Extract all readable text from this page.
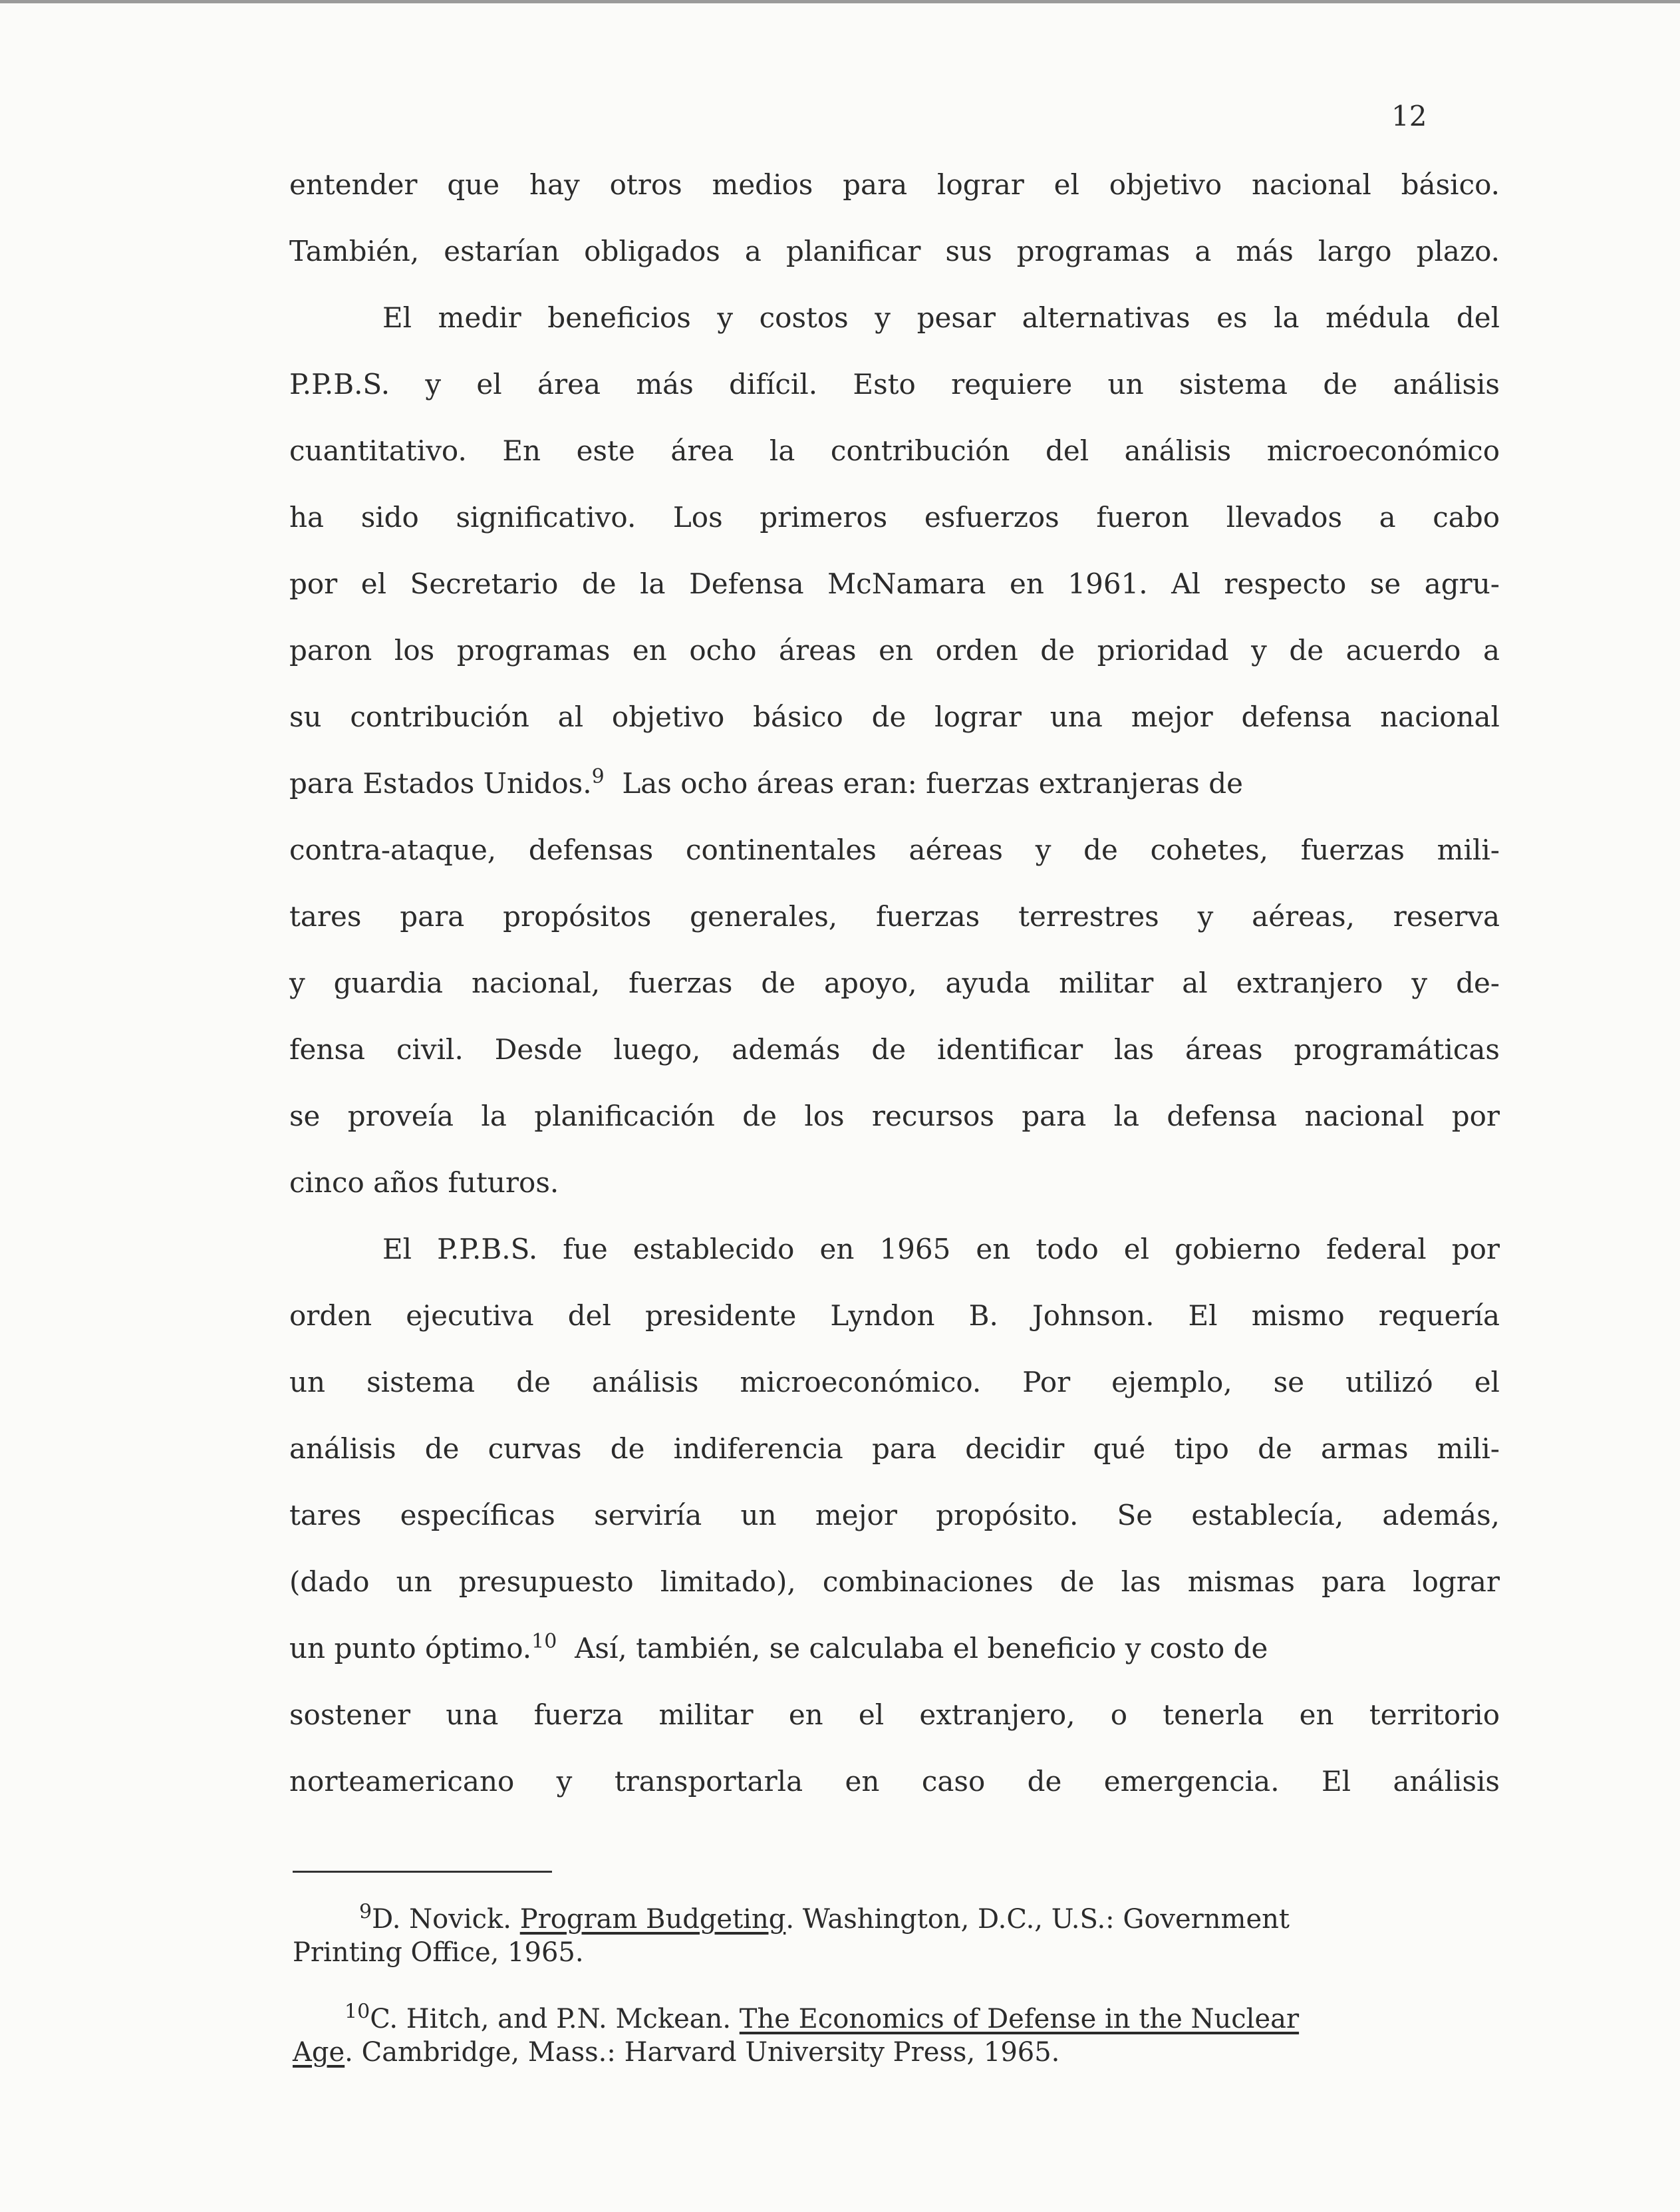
12
entender que hay otros medios para lograr el objetivo nacional básico.
También, estarían obligados a planificar sus programas a más largo plazo.
El medir beneficios y costos y pesar alternativas es la médula del
P.P.B.S. y el área más difícil. Esto requiere un sistema de análisis
cuantitativo. En este área la contribución del análisis microeconómico
ha sido significativo. Los primeros esfuerzos fueron llevados a cabo
por el Secretario de la Defensa McNamara en 1961. Al respecto se agru-
paron los programas en ocho áreas en orden de prioridad y de acuerdo a
su contribución al objetivo básico de lograr una mejor defensa nacional
para Estados Unidos.$^9$ Las ocho áreas eran: fuerzas extranjeras de
contra-ataque, defensas continentales aéreas y de cohetes, fuerzas mili-
tares para propósitos generales, fuerzas terrestres y aéreas, reserva
y guardia nacional, fuerzas de apoyo, ayuda militar al extranjero y de-
fensa civil. Desde luego, además de identificar las áreas programáticas
se proveía la planificación de los recursos para la defensa nacional por
cinco años futuros.
El P.P.B.S. fue establecido en 1965 en todo el gobierno federal por
orden ejecutiva del presidente Lyndon B. Johnson. El mismo requería
un sistema de análisis microeconómico. Por ejemplo, se utilizó el
análisis de curvas de indiferencia para decidir qué tipo de armas mili-
tares específicas serviría un mejor propósito. Se establecía, además,
(dado un presupuesto limitado), combinaciones de las mismas para lograr
un punto óptimo.$^{10}$ Así, también, se calculaba el beneficio y costo de
sostener una fuerza militar en el extranjero, o tenerla en territorio
norteamericano y transportarla en caso de emergencia. El análisis
$^9$D. Novick. Program Budgeting. Washington, D.C., U.S.: Government
Printing Office, 1965.
$^{10}$C. Hitch, and P.N. Mckean. The Economics of Defense in the Nuclear
Age. Cambridge, Mass.: Harvard University Press, 1965.
